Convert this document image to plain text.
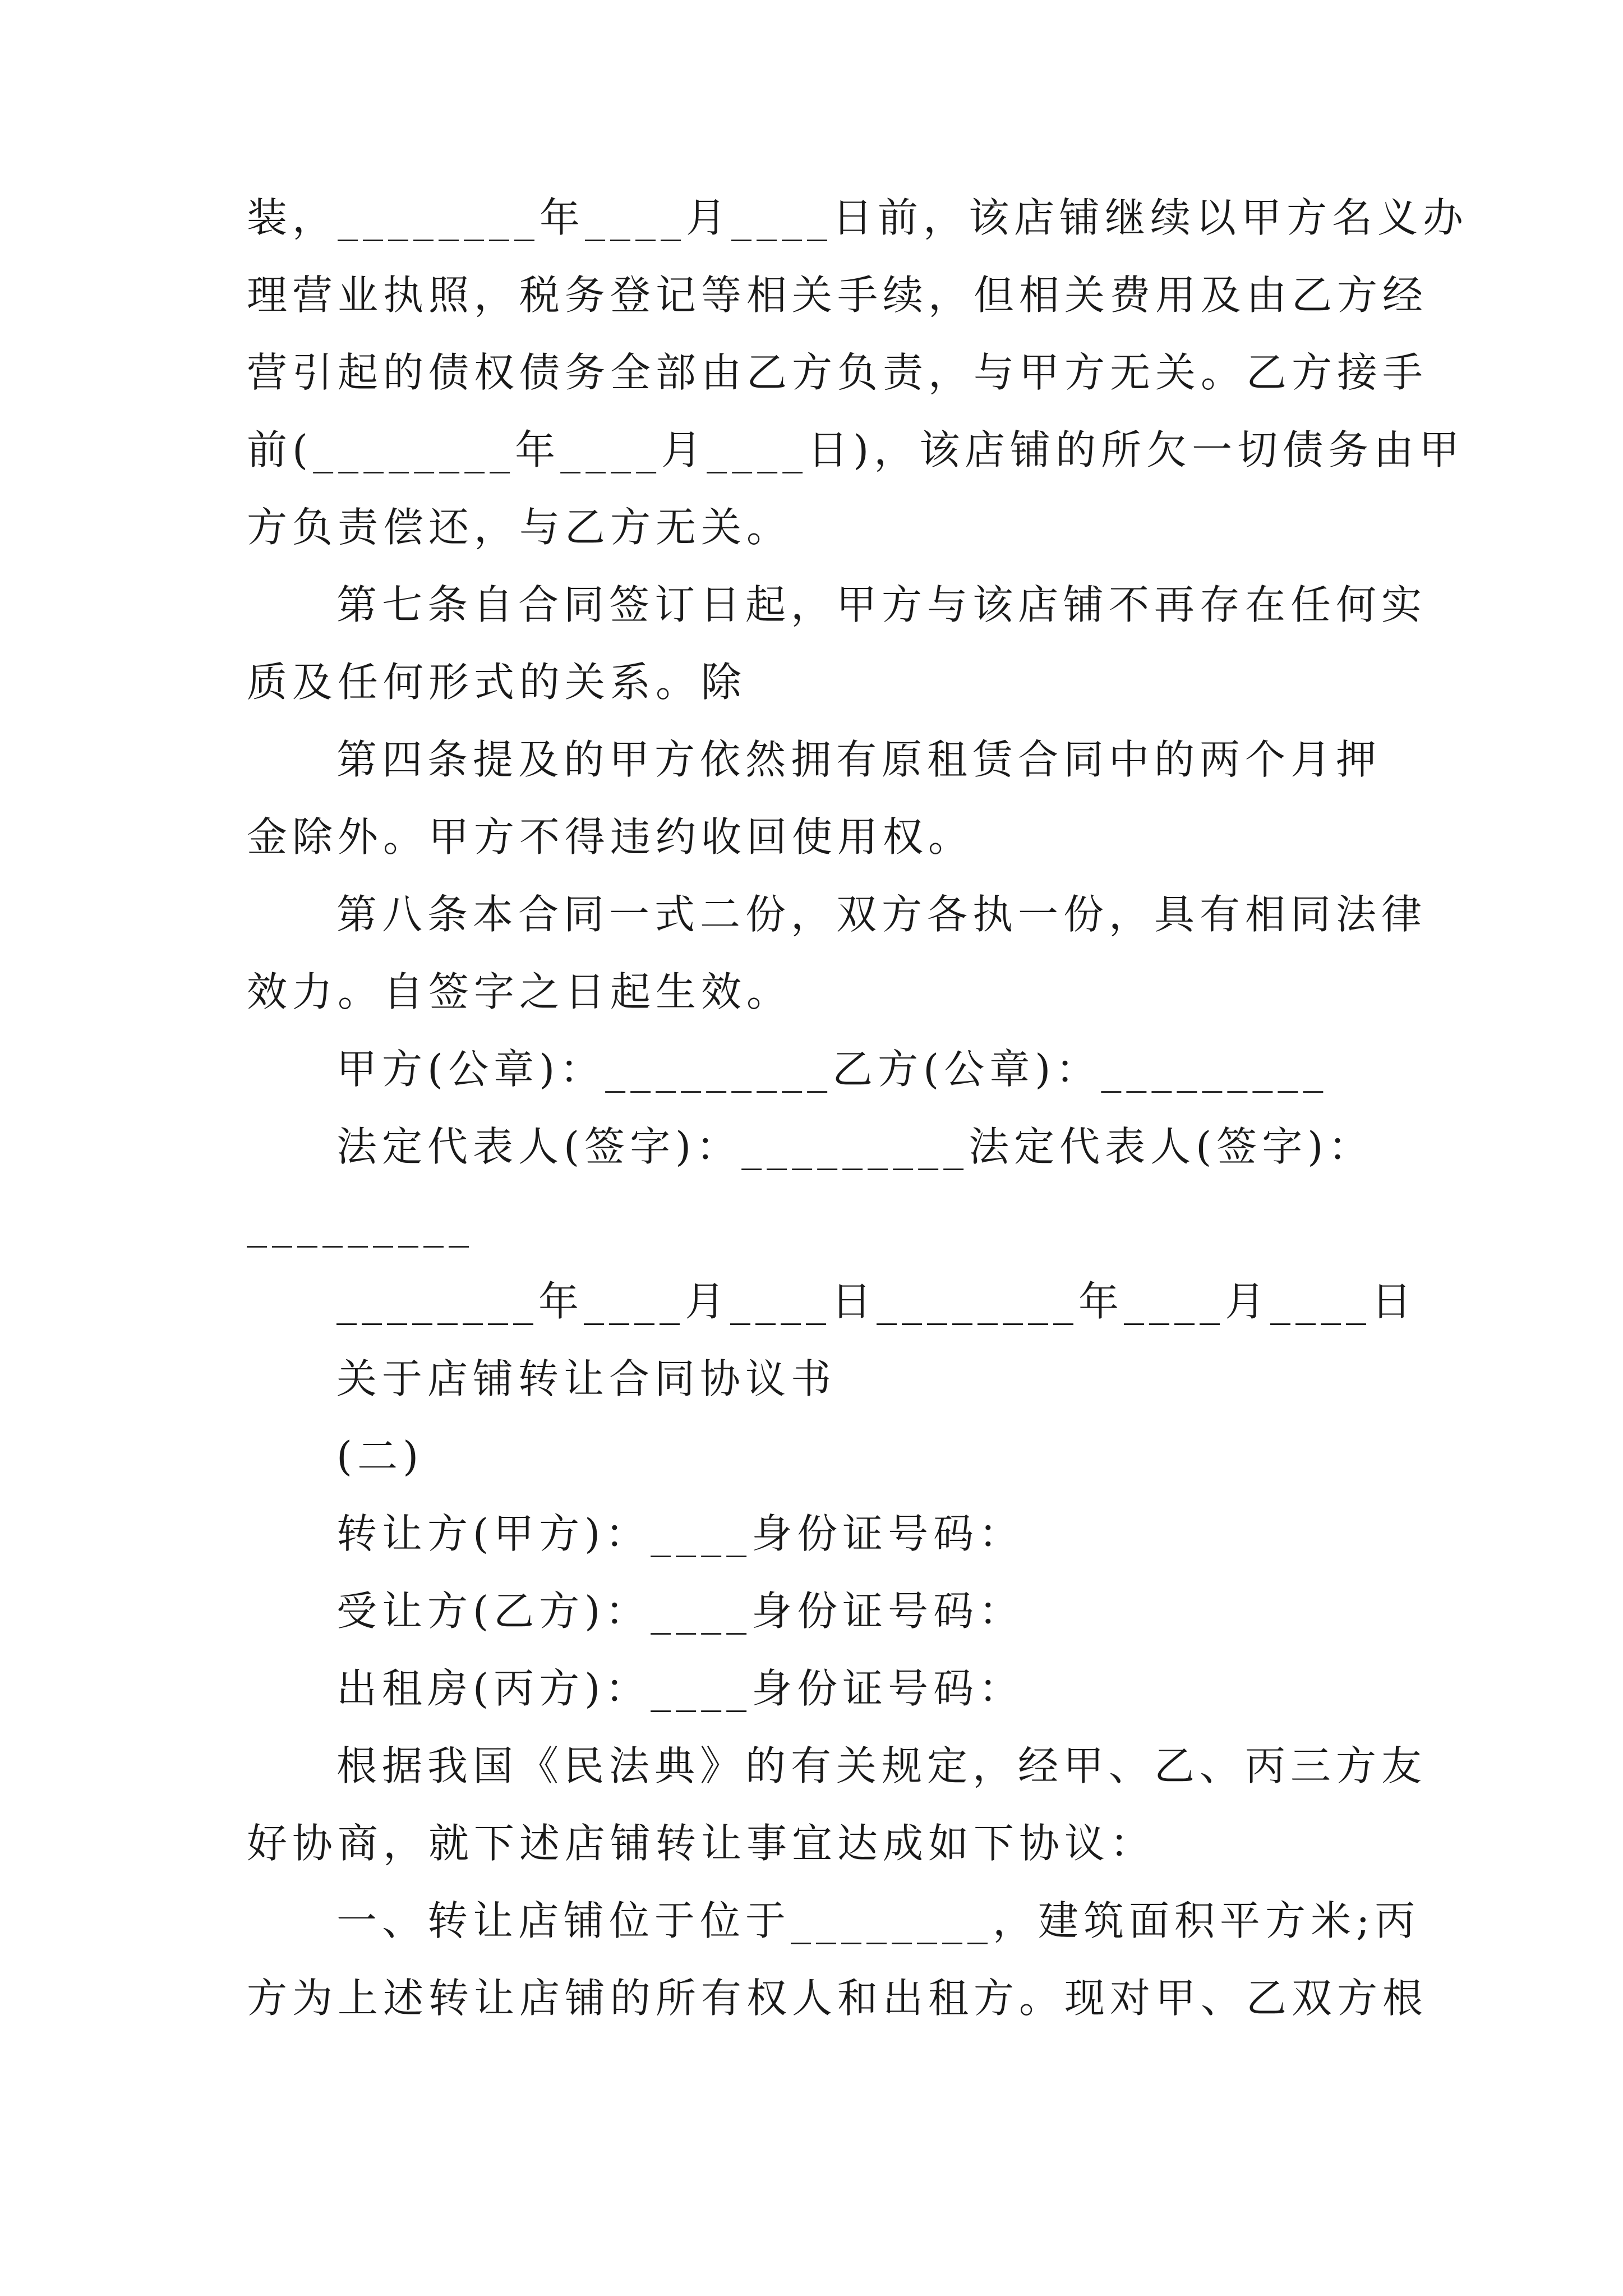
装，________年____月____日前，该店铺继续以甲方名义办
理营业执照，税务登记等相关手续，但相关费用及由乙方经
营引起的债权债务全部由乙方负责，与甲方无关。乙方接手
前(________年____月____日)，该店铺的所欠一切债务由甲
方负责偿还，与乙方无关。
第七条自合同签订日起，甲方与该店铺不再存在任何实
质及任何形式的关系。除
第四条提及的甲方依然拥有原租赁合同中的两个月押
金除外。甲方不得违约收回使用权。
第八条本合同一式二份，双方各执一份，具有相同法律
效力。自签字之日起生效。
甲方(公章)：_________乙方(公章)：_________
法定代表人(签字)：_________法定代表人(签字)：
_________
________年____月____日________年____月____日
关于店铺转让合同协议书
(二)
转让方(甲方)：____身份证号码：
受让方(乙方)：____身份证号码：
出租房(丙方)：____身份证号码：
根据我国《民法典》的有关规定，经甲、乙、丙三方友
好协商，就下述店铺转让事宜达成如下协议：
一、转让店铺位于位于________，建筑面积平方米;丙
方为上述转让店铺的所有权人和出租方。现对甲、乙双方根
